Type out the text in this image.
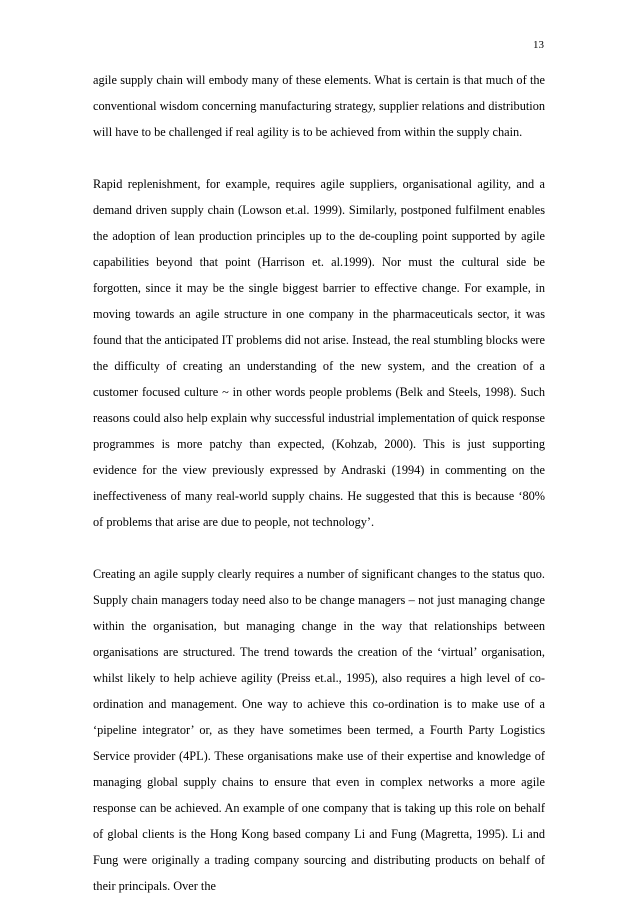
13

agile supply chain will embody many of these elements. What is certain is that much of the conventional wisdom concerning manufacturing strategy, supplier relations and distribution will have to be challenged if real agility is to be achieved from within the supply chain.

Rapid replenishment, for example, requires agile suppliers, organisational agility, and a demand driven supply chain (Lowson et.al. 1999). Similarly, postponed fulfilment enables the adoption of lean production principles up to the de-coupling point supported by agile capabilities beyond that point (Harrison et. al.1999). Nor must the cultural side be forgotten, since it may be the single biggest barrier to effective change. For example, in moving towards an agile structure in one company in the pharmaceuticals sector, it was found that the anticipated IT problems did not arise. Instead, the real stumbling blocks were the difficulty of creating an understanding of the new system, and the creation of a customer focused culture ~ in other words people problems (Belk and Steels, 1998). Such reasons could also help explain why successful industrial implementation of quick response programmes is more patchy than expected, (Kohzab, 2000). This is just supporting evidence for the view previously expressed by Andraski (1994) in commenting on the ineffectiveness of many real-world supply chains. He suggested that this is because ‘80% of problems that arise are due to people, not technology’.

Creating an agile supply clearly requires a number of significant changes to the status quo. Supply chain managers today need also to be change managers – not just managing change within the organisation, but managing change in the way that relationships between organisations are structured. The trend towards the creation of the ‘virtual’ organisation, whilst likely to help achieve agility (Preiss et.al., 1995), also requires a high level of co-ordination and management. One way to achieve this co-ordination is to make use of a ‘pipeline integrator’ or, as they have sometimes been termed, a Fourth Party Logistics Service provider (4PL). These organisations make use of their expertise and knowledge of managing global supply chains to ensure that even in complex networks a more agile response can be achieved. An example of one company that is taking up this role on behalf of global clients is the Hong Kong based company Li and Fung (Magretta, 1995). Li and Fung were originally a trading company sourcing and distributing products on behalf of their principals. Over the
